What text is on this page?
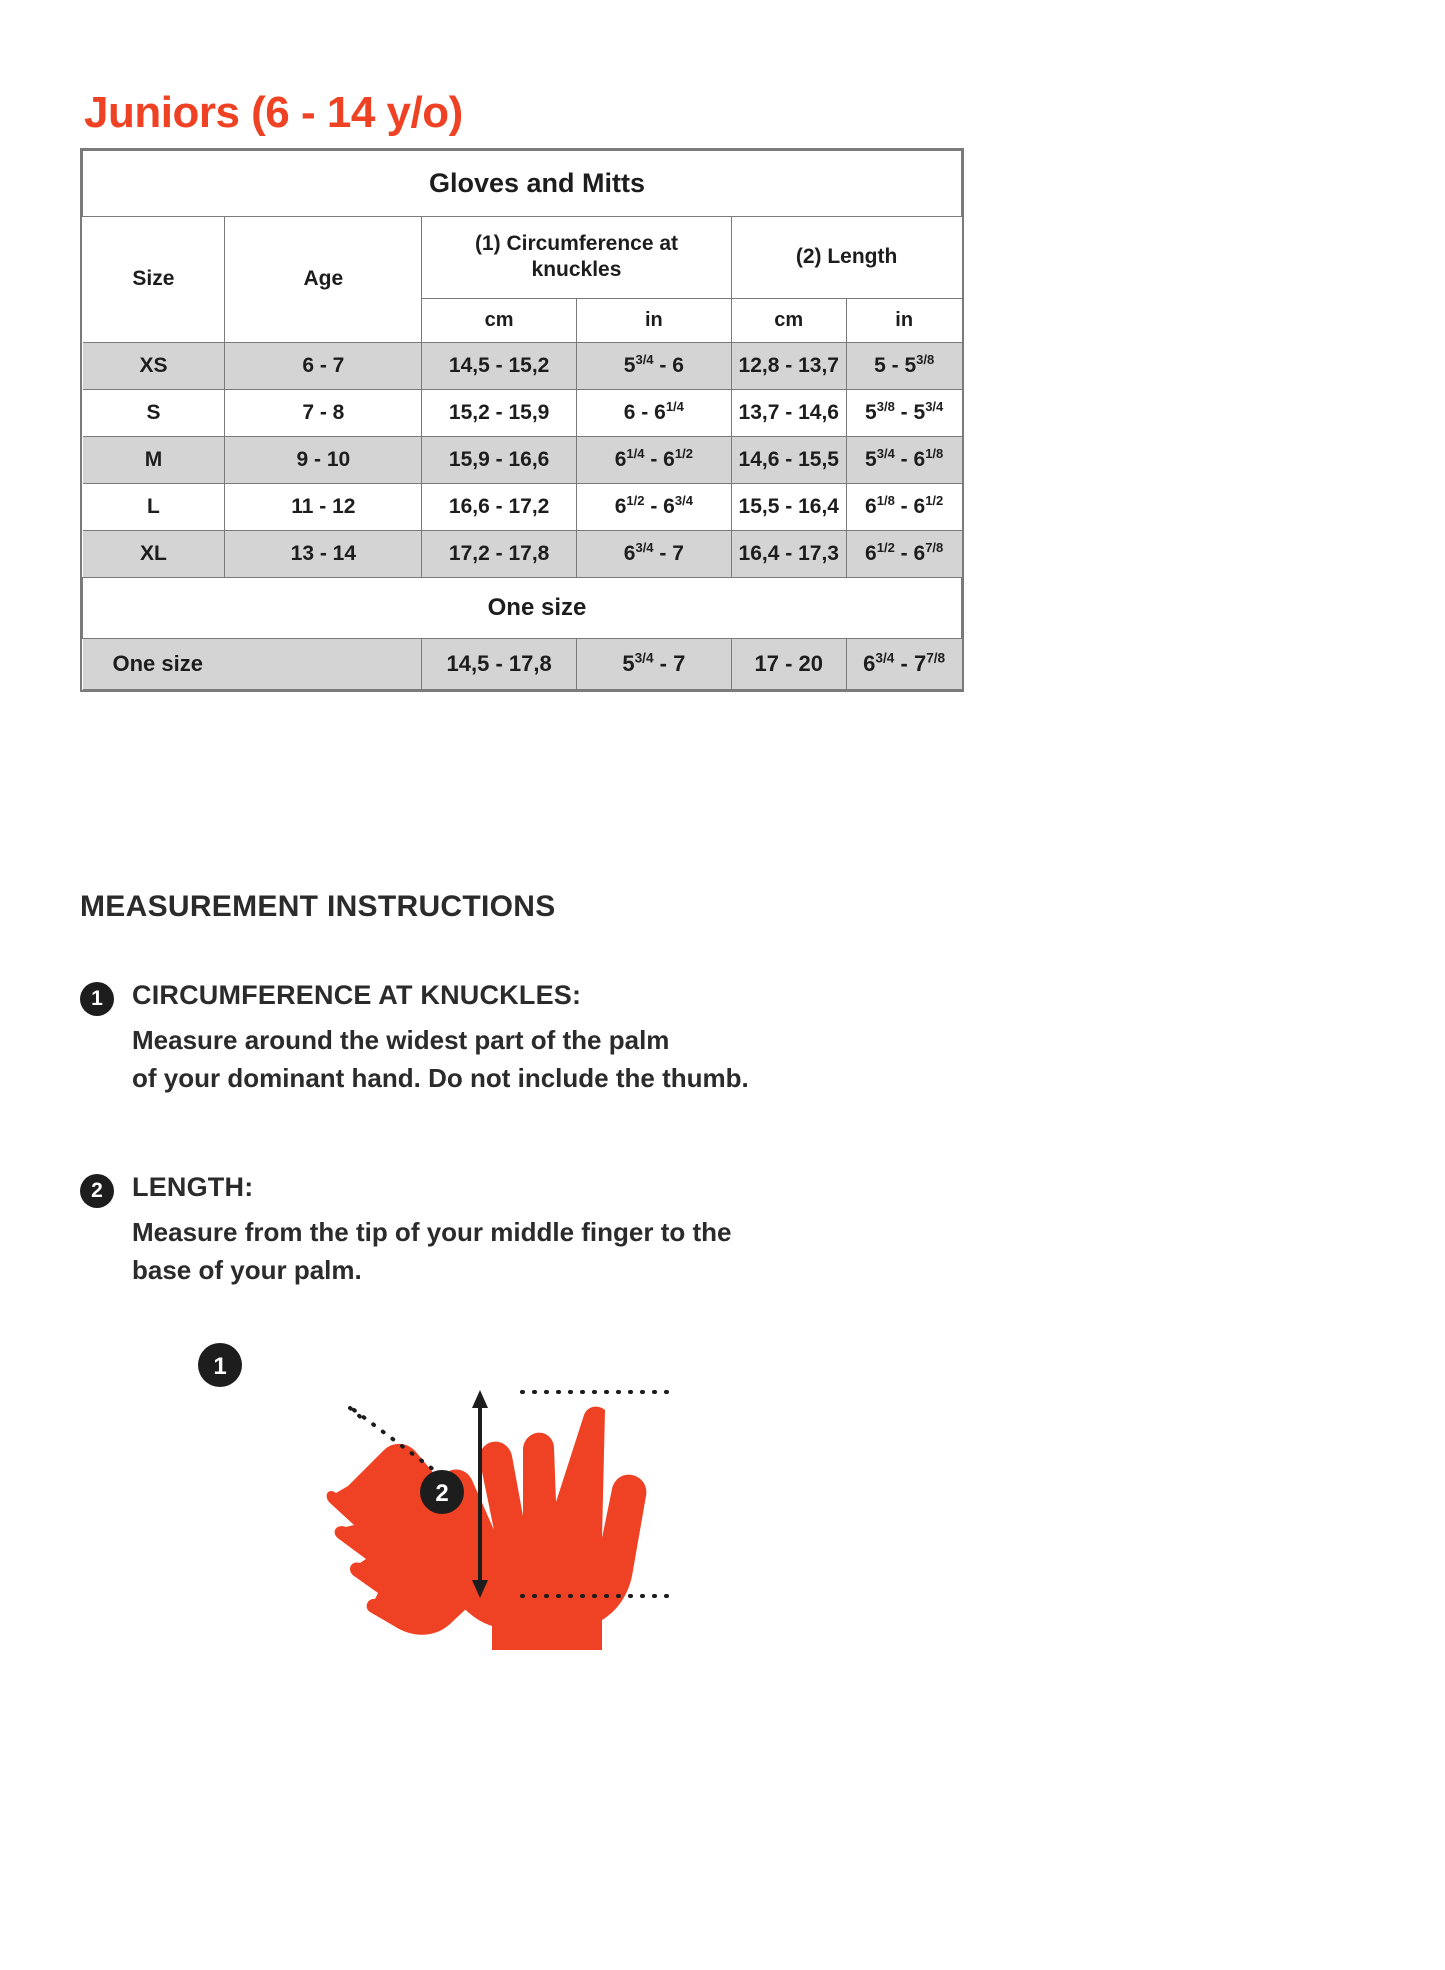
Juniors (6 - 14 y/o)
Gloves and Mitts					
Size	Age	(1) Circumference at knuckles		(2) Length	
		cm	in	cm	in
XS	6 - 7	14,5 - 15,2	$5^{3/4} - 6$	12,8 - 13,7	$5 - 5^{3/8}$
S	7 - 8	15,2 - 15,9	$6 - 6^{1/4}$	13,7 - 14,6	$5^{3/8} - 5^{3/4}$
M	9 - 10	15,9 - 16,6	$6^{1/4} - 6^{1/2}$	14,6 - 15,5	$5^{3/4} - 6^{1/8}$
L	11 - 12	16,6 - 17,2	$6^{1/2} - 6^{3/4}$	15,5 - 16,4	$6^{1/8} - 6^{1/2}$
XL	13 - 14	17,2 - 17,8	$6^{3/4} - 7$	16,4 - 17,3	$6^{1/2} - 6^{7/8}$
One size					
One size		14,5 - 17,8	$5^{3/4} - 7$	17 - 20	$6^{3/4} - 7^{7/8}$
MEASUREMENT INSTRUCTIONS
1	CIRCUMFERENCE AT KNUCKLES:
Measure around the widest part of the palm
of your dominant hand. Do not include the thumb.
2	LENGTH:
Measure from the tip of your middle finger to the
base of your palm.
1
2
